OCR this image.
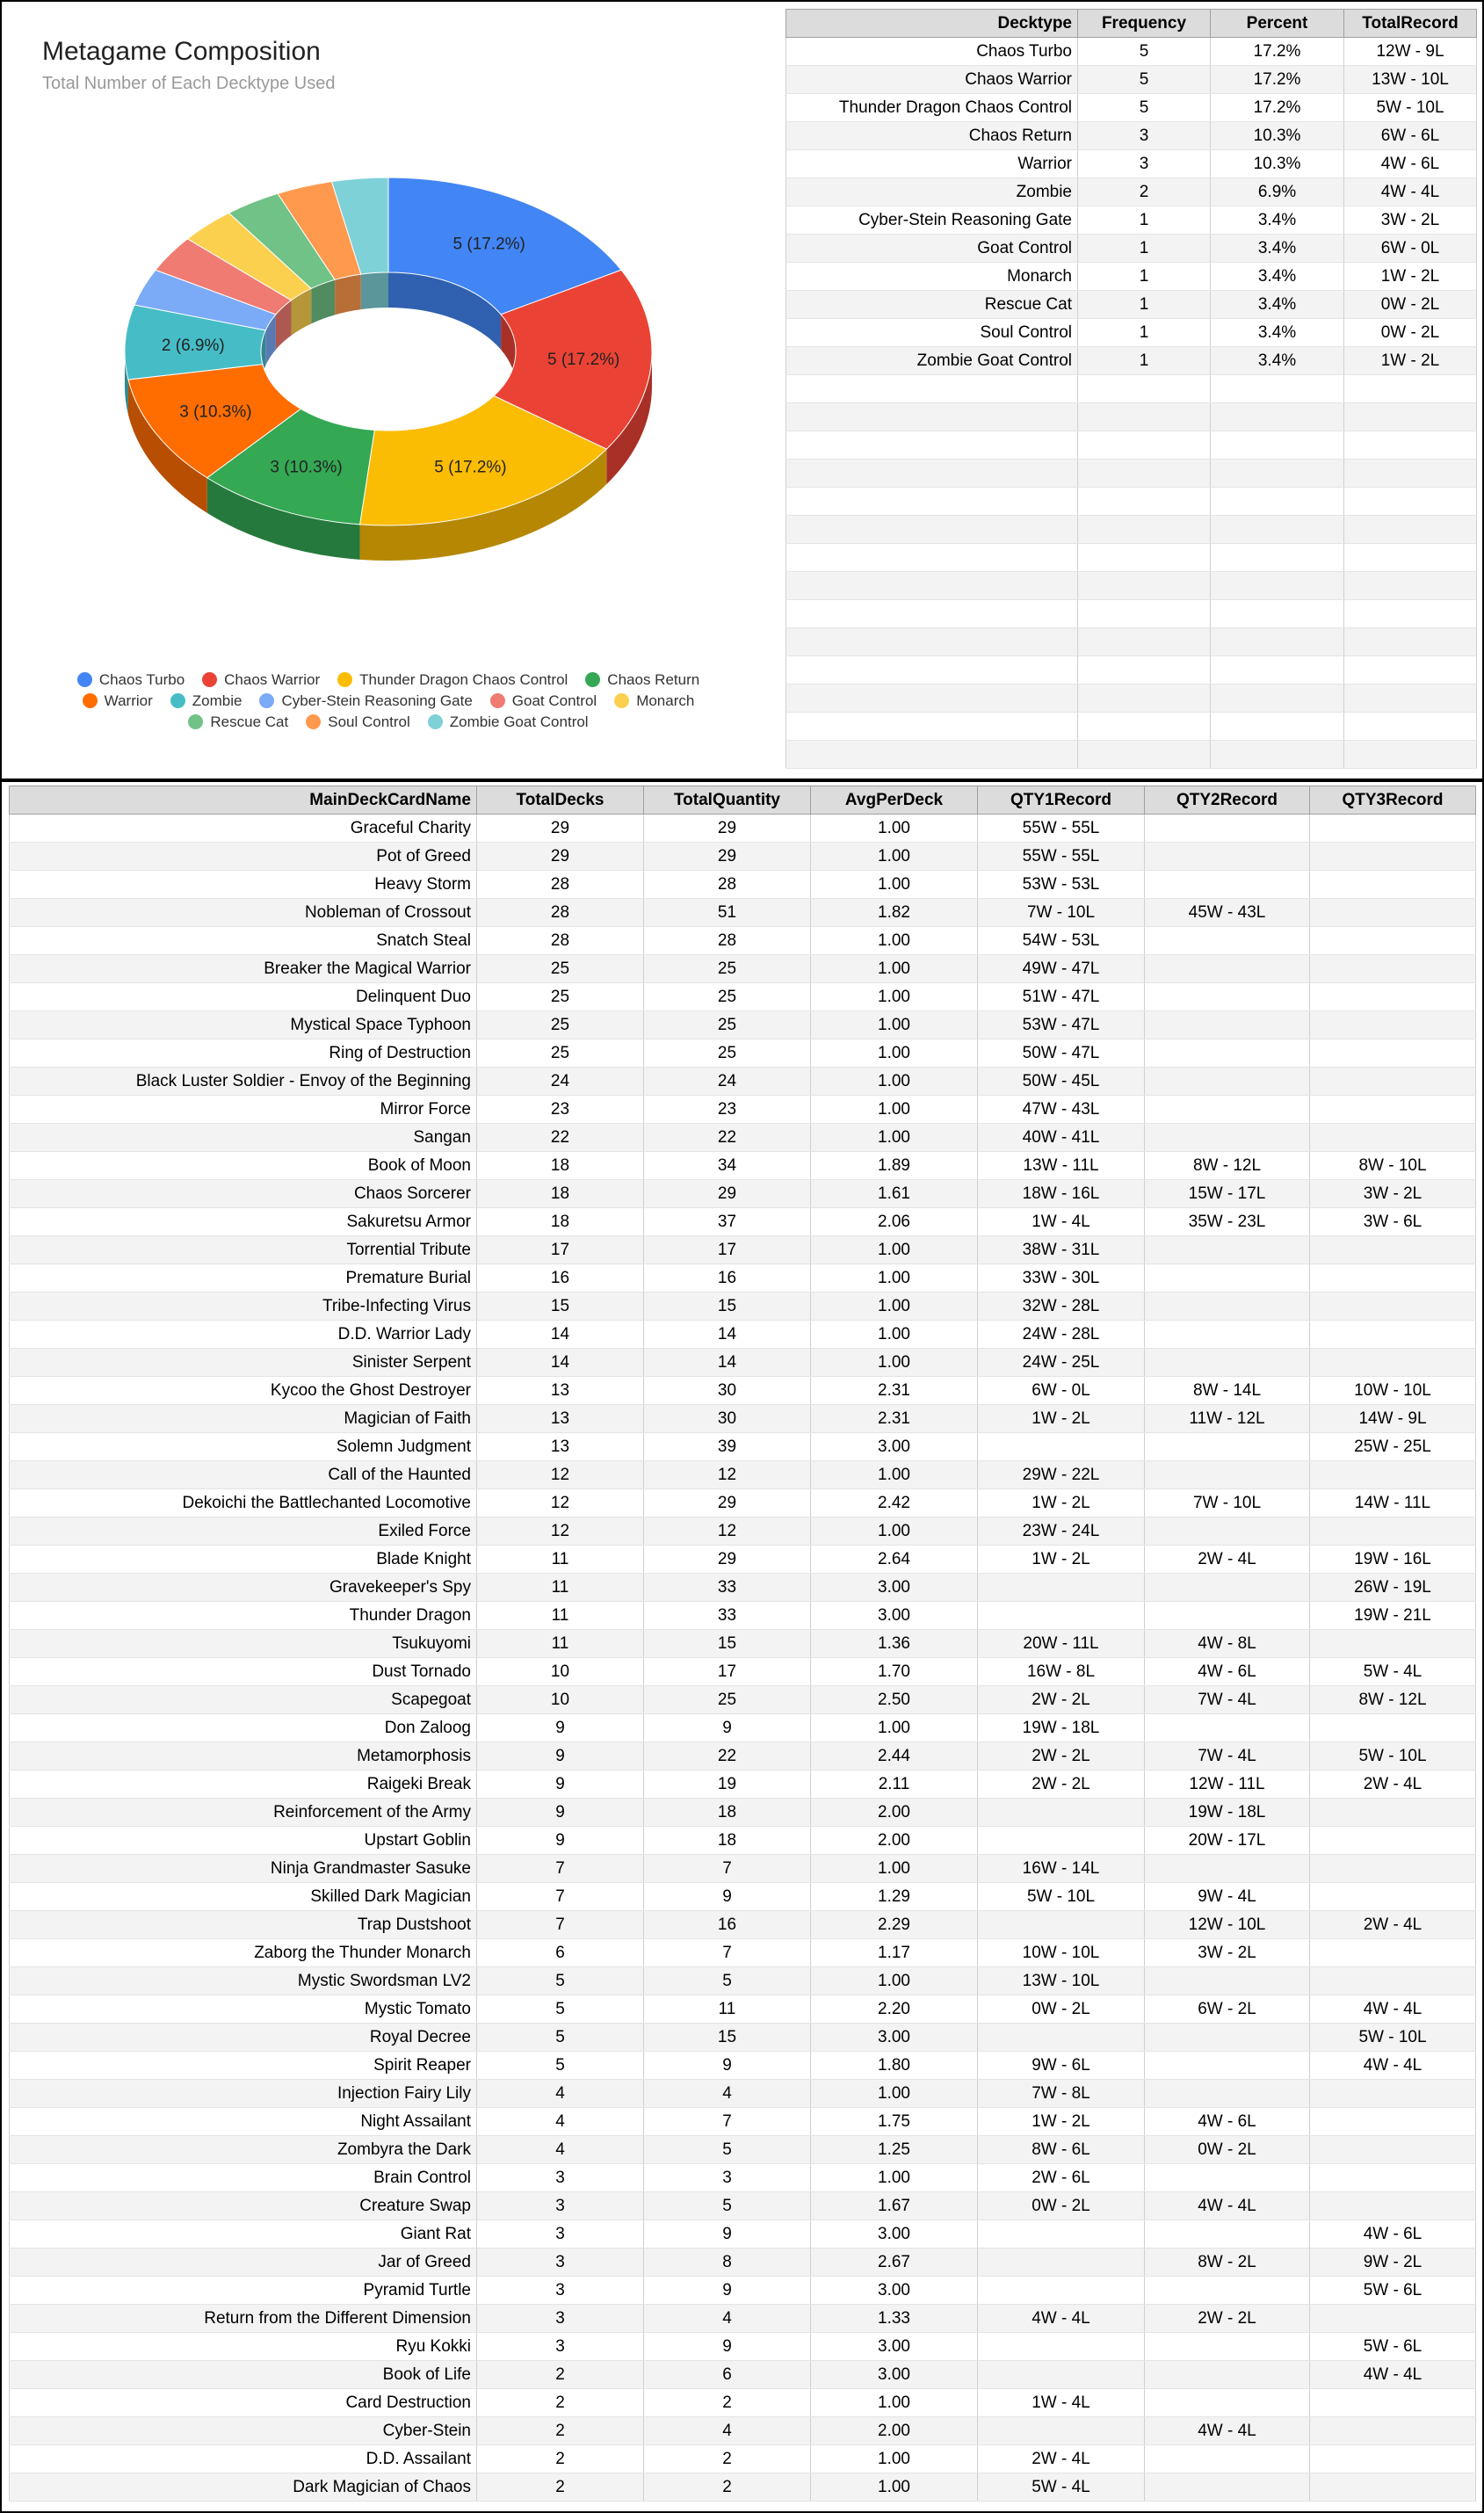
Metagame Composition
Total Number of Each Decktype Used
5 (17.2%)
5 (17.2%)
5 (17.2%)
3 (10.3%)
3 (10.3%)
2 (6.9%)
Chaos Turbo	Chaos Warrior	Thunder Dragon Chaos Control	Chaos ReturnWarrior	Zombie	Cyber-Stein Reasoning Gate	Goat Control	MonarchRescue Cat	Soul Control	Zombie Goat Control
Decktype	Frequency	Percent	TotalRecord
Chaos Turbo	5	17.2%	12W - 9L
Chaos Warrior	5	17.2%	13W - 10L
Thunder Dragon Chaos Control	5	17.2%	5W - 10L
Chaos Return	3	10.3%	6W - 6L
Warrior	3	10.3%	4W - 6L
Zombie	2	6.9%	4W - 4L
Cyber-Stein Reasoning Gate	1	3.4%	3W - 2L
Goat Control	1	3.4%	6W - 0L
Monarch	1	3.4%	1W - 2L
Rescue Cat	1	3.4%	0W - 2L
Soul Control	1	3.4%	0W - 2L
Zombie Goat Control	1	3.4%	1W - 2L

MainDeckCardName	TotalDecks	TotalQuantity	AvgPerDeck	QTY1Record	QTY2Record	QTY3Record
Graceful Charity	29	29	1.00	55W - 55L		
Pot of Greed	29	29	1.00	55W - 55L		
Heavy Storm	28	28	1.00	53W - 53L		
Nobleman of Crossout	28	51	1.82	7W - 10L	45W - 43L	
Snatch Steal	28	28	1.00	54W - 53L		
Breaker the Magical Warrior	25	25	1.00	49W - 47L		
Delinquent Duo	25	25	1.00	51W - 47L		
Mystical Space Typhoon	25	25	1.00	53W - 47L		
Ring of Destruction	25	25	1.00	50W - 47L		
Black Luster Soldier - Envoy of the Beginning	24	24	1.00	50W - 45L		
Mirror Force	23	23	1.00	47W - 43L		
Sangan	22	22	1.00	40W - 41L		
Book of Moon	18	34	1.89	13W - 11L	8W - 12L	8W - 10L
Chaos Sorcerer	18	29	1.61	18W - 16L	15W - 17L	3W - 2L
Sakuretsu Armor	18	37	2.06	1W - 4L	35W - 23L	3W - 6L
Torrential Tribute	17	17	1.00	38W - 31L		
Premature Burial	16	16	1.00	33W - 30L		
Tribe-Infecting Virus	15	15	1.00	32W - 28L		
D.D. Warrior Lady	14	14	1.00	24W - 28L		
Sinister Serpent	14	14	1.00	24W - 25L		
Kycoo the Ghost Destroyer	13	30	2.31	6W - 0L	8W - 14L	10W - 10L
Magician of Faith	13	30	2.31	1W - 2L	11W - 12L	14W - 9L
Solemn Judgment	13	39	3.00			25W - 25L
Call of the Haunted	12	12	1.00	29W - 22L		
Dekoichi the Battlechanted Locomotive	12	29	2.42	1W - 2L	7W - 10L	14W - 11L
Exiled Force	12	12	1.00	23W - 24L		
Blade Knight	11	29	2.64	1W - 2L	2W - 4L	19W - 16L
Gravekeeper's Spy	11	33	3.00			26W - 19L
Thunder Dragon	11	33	3.00			19W - 21L
Tsukuyomi	11	15	1.36	20W - 11L	4W - 8L	
Dust Tornado	10	17	1.70	16W - 8L	4W - 6L	5W - 4L
Scapegoat	10	25	2.50	2W - 2L	7W - 4L	8W - 12L
Don Zaloog	9	9	1.00	19W - 18L		
Metamorphosis	9	22	2.44	2W - 2L	7W - 4L	5W - 10L
Raigeki Break	9	19	2.11	2W - 2L	12W - 11L	2W - 4L
Reinforcement of the Army	9	18	2.00		19W - 18L	
Upstart Goblin	9	18	2.00		20W - 17L	
Ninja Grandmaster Sasuke	7	7	1.00	16W - 14L		
Skilled Dark Magician	7	9	1.29	5W - 10L	9W - 4L	
Trap Dustshoot	7	16	2.29		12W - 10L	2W - 4L
Zaborg the Thunder Monarch	6	7	1.17	10W - 10L	3W - 2L	
Mystic Swordsman LV2	5	5	1.00	13W - 10L		
Mystic Tomato	5	11	2.20	0W - 2L	6W - 2L	4W - 4L
Royal Decree	5	15	3.00			5W - 10L
Spirit Reaper	5	9	1.80	9W - 6L		4W - 4L
Injection Fairy Lily	4	4	1.00	7W - 8L		
Night Assailant	4	7	1.75	1W - 2L	4W - 6L	
Zombyra the Dark	4	5	1.25	8W - 6L	0W - 2L	
Brain Control	3	3	1.00	2W - 6L		
Creature Swap	3	5	1.67	0W - 2L	4W - 4L	
Giant Rat	3	9	3.00			4W - 6L
Jar of Greed	3	8	2.67		8W - 2L	9W - 2L
Pyramid Turtle	3	9	3.00			5W - 6L
Return from the Different Dimension	3	4	1.33	4W - 4L	2W - 2L	
Ryu Kokki	3	9	3.00			5W - 6L
Book of Life	2	6	3.00			4W - 4L
Card Destruction	2	2	1.00	1W - 4L		
Cyber-Stein	2	4	2.00		4W - 4L	
D.D. Assailant	2	2	1.00	2W - 4L		
Dark Magician of Chaos	2	2	1.00	5W - 4L		
